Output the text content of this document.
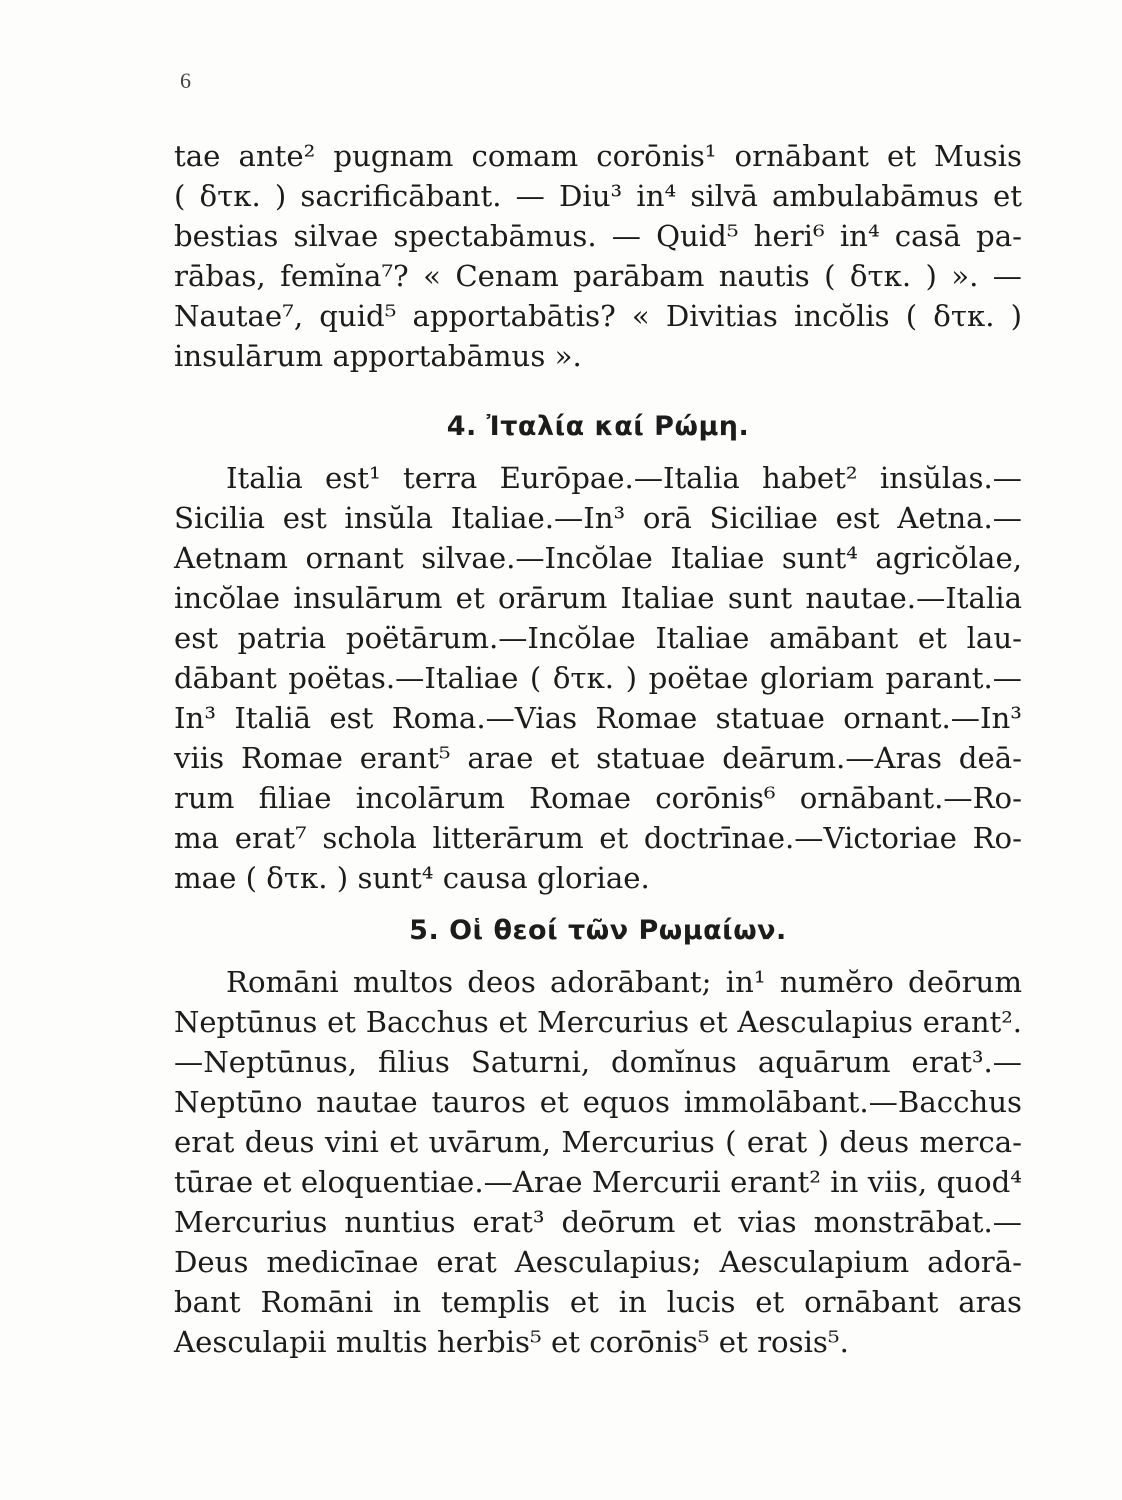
6
tae ante² pugnam comam corōnis¹ ornābant et Musis
( δτκ. ) sacrificābant. — Diu³ in⁴ silvā ambulabāmus et
bestias silvae spectabāmus. — Quid⁵ heri⁶ in⁴ casā pa-
rābas, femĭna⁷? « Cenam parābam nautis ( δτκ. ) ». —
Nautae⁷, quid⁵ apportabātis? « Divitias incŏlis ( δτκ. )
insulārum apportabāmus ».
4. Ἰταλία καί Ρώμη.
Italia est¹ terra Eurōpae.—Italia habet² insŭlas.—
Sicilia est insŭla Italiae.—In³ orā Siciliae est Aetna.—
Aetnam ornant silvae.—Incŏlae Italiae sunt⁴ agricŏlae,
incŏlae insulārum et orārum Italiae sunt nautae.—Italia
est patria poëtārum.—Incŏlae Italiae amābant et lau-
dābant poëtas.—Italiae ( δτκ. ) poëtae gloriam parant.—
In³ Italiā est Roma.—Vias Romae statuae ornant.—In³
viis Romae erant⁵ arae et statuae deārum.—Aras deā-
rum filiae incolārum Romae corōnis⁶ ornābant.—Ro-
ma erat⁷ schola litterārum et doctrīnae.—Victoriae Ro-
mae ( δτκ. ) sunt⁴ causa gloriae.
5. Οἱ θεοί τῶν Ρωμαίων.
Romāni multos deos adorābant; in¹ numĕro deōrum
Neptūnus et Bacchus et Mercurius et Aesculapius erant².
—Neptūnus, filius Saturni, domĭnus aquārum erat³.—
Neptūno nautae tauros et equos immolābant.—Bacchus
erat deus vini et uvārum, Mercurius ( erat ) deus merca-
tūrae et eloquentiae.—Arae Mercurii erant² in viis, quod⁴
Mercurius nuntius erat³ deōrum et vias monstrābat.—
Deus medicīnae erat Aesculapius; Aesculapium adorā-
bant Romāni in templis et in lucis et ornābant aras
Aesculapii multis herbis⁵ et corōnis⁵ et rosis⁵.
